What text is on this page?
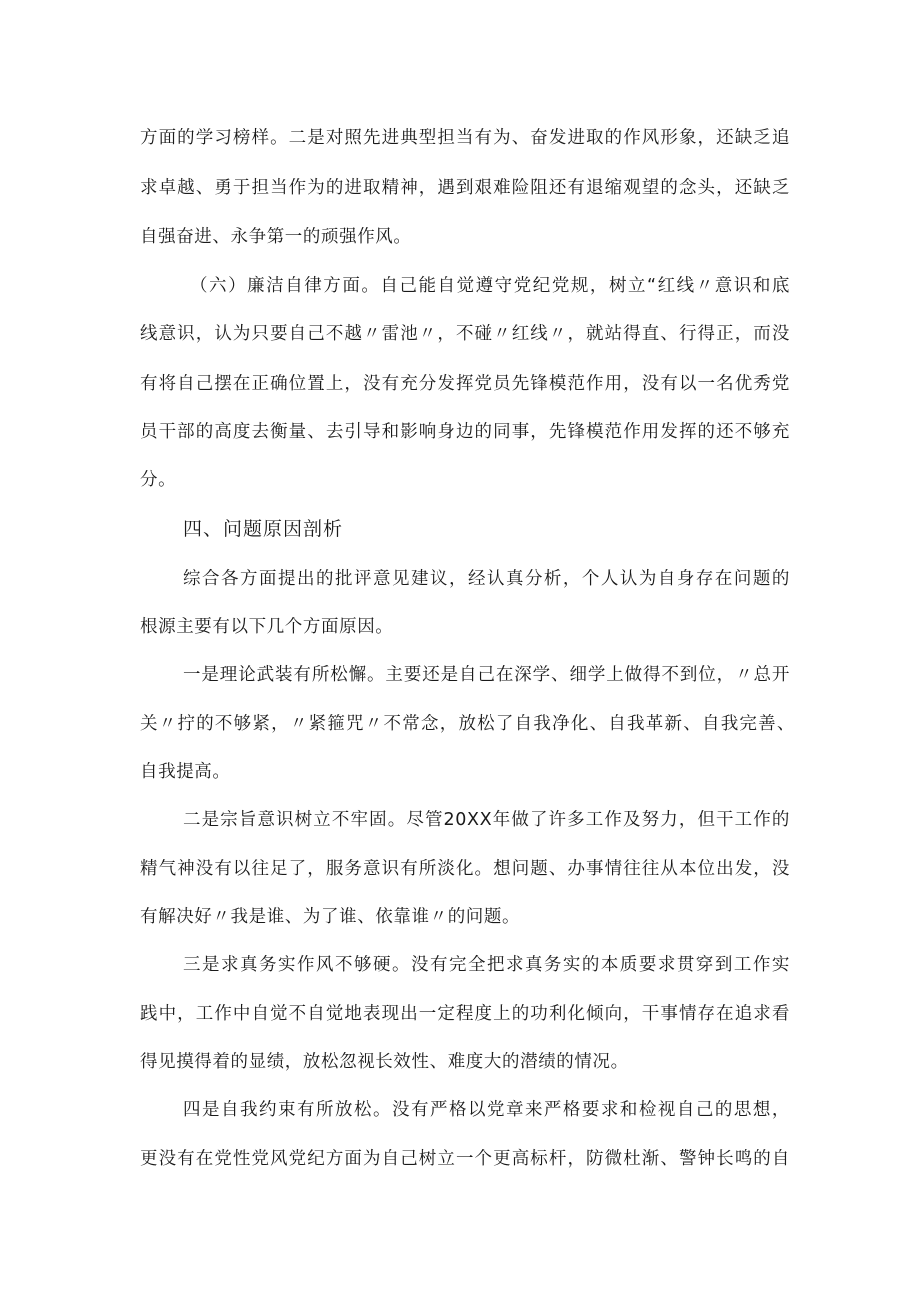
方面的学习榜样。二是对照先进典型担当有为、奋发进取的作风形象，还缺乏追
求卓越、勇于担当作为的进取精神，遇到艰难险阻还有退缩观望的念头，还缺乏
自强奋进、永争第一的顽强作风。
（六）廉洁自律方面。自己能自觉遵守党纪党规，树立“红线〃意识和底
线意识，认为只要自己不越〃雷池〃，不碰〃红线〃，就站得直、行得正，而没
有将自己摆在正确位置上，没有充分发挥党员先锋模范作用，没有以一名优秀党
员干部的高度去衡量、去引导和影响身边的同事，先锋模范作用发挥的还不够充
分。
四、问题原因剖析
综合各方面提出的批评意见建议，经认真分析，个人认为自身存在问题的
根源主要有以下几个方面原因。
一是理论武装有所松懈。主要还是自己在深学、细学上做得不到位，〃总开
关〃拧的不够紧，〃紧箍咒〃不常念，放松了自我净化、自我革新、自我完善、
自我提高。
二是宗旨意识树立不牢固。尽管20XX年做了许多工作及努力，但干工作的
精气神没有以往足了，服务意识有所淡化。想问题、办事情往往从本位出发，没
有解决好〃我是谁、为了谁、依靠谁〃的问题。
三是求真务实作风不够硬。没有完全把求真务实的本质要求贯穿到工作实
践中，工作中自觉不自觉地表现出一定程度上的功利化倾向，干事情存在追求看
得见摸得着的显绩，放松忽视长效性、难度大的潜绩的情况。
四是自我约束有所放松。没有严格以党章来严格要求和检视自己的思想，
更没有在党性党风党纪方面为自己树立一个更高标杆，防微杜渐、警钟长鸣的自
